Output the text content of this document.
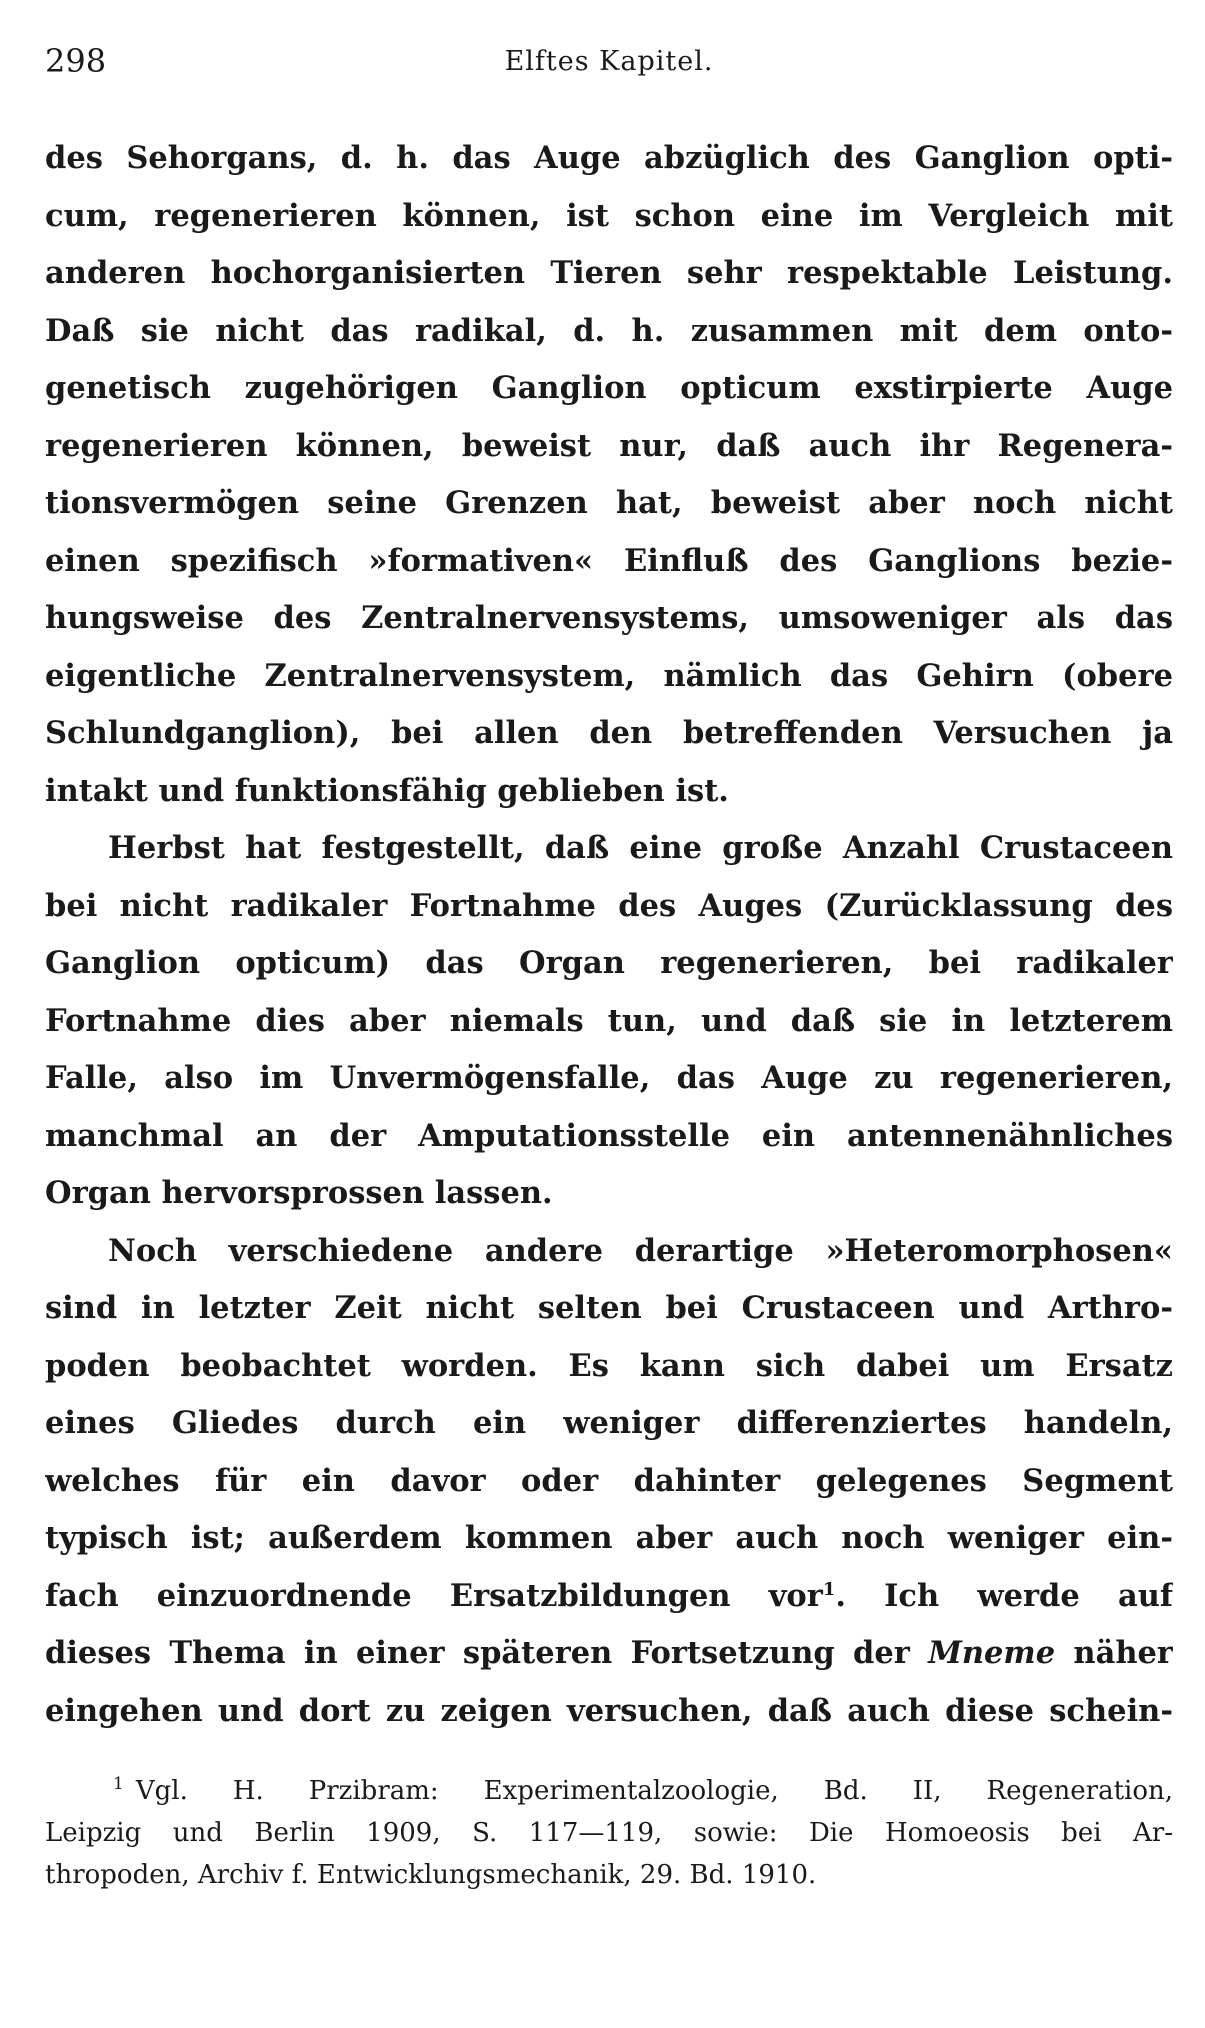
298	Elftes Kapitel.
des Sehorgans, d. h. das Auge abzüglich des Ganglion opti-
cum, regenerieren können, ist schon eine im Vergleich mit
anderen hochorganisierten Tieren sehr respektable Leistung.
Daß sie nicht das radikal, d. h. zusammen mit dem onto-
genetisch zugehörigen Ganglion opticum exstirpierte Auge
regenerieren können, beweist nur, daß auch ihr Regenera-
tionsvermögen seine Grenzen hat, beweist aber noch nicht
einen spezifisch »formativen« Einfluß des Ganglions bezie-
hungsweise des Zentralnervensystems, umsoweniger als das
eigentliche Zentralnervensystem, nämlich das Gehirn (obere
Schlundganglion), bei allen den betreffenden Versuchen ja
intakt und funktionsfähig geblieben ist.
Herbst hat festgestellt, daß eine große Anzahl Crustaceen
bei nicht radikaler Fortnahme des Auges (Zurücklassung des
Ganglion opticum) das Organ regenerieren, bei radikaler
Fortnahme dies aber niemals tun, und daß sie in letzterem
Falle, also im Unvermögensfalle, das Auge zu regenerieren,
manchmal an der Amputationsstelle ein antennenähnliches
Organ hervorsprossen lassen.
Noch verschiedene andere derartige »Heteromorphosen«
sind in letzter Zeit nicht selten bei Crustaceen und Arthro-
poden beobachtet worden. Es kann sich dabei um Ersatz
eines Gliedes durch ein weniger differenziertes handeln,
welches für ein davor oder dahinter gelegenes Segment
typisch ist; außerdem kommen aber auch noch weniger ein-
fach einzuordnende Ersatzbildungen vor$^1$. Ich werde auf
dieses Thema in einer späteren Fortsetzung der Mneme näher
eingehen und dort zu zeigen versuchen, daß auch diese schein-
$^1$ Vgl. H. Przibram: Experimentalzoologie, Bd. II, Regeneration,
Leipzig und Berlin 1909, S. 117—119, sowie: Die Homoeosis bei Ar-
thropoden, Archiv f. Entwicklungsmechanik, 29. Bd. 1910.
